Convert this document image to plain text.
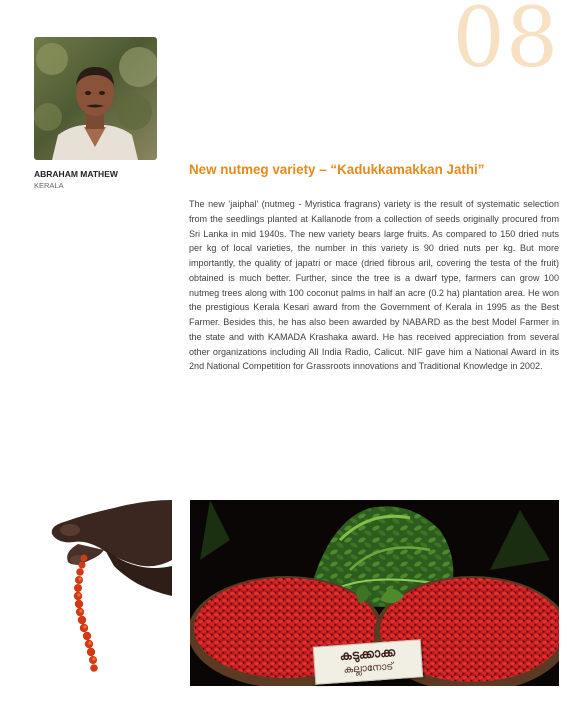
08
ABRAHAM MATHEW
KERALA
New nutmeg variety – “Kadukkamakkan Jathi”

The new ‘jaiphal’ (nutmeg - Myristica fragrans) variety is the result of systematic selection from the seedlings planted at Kallanode from a collection of seeds originally procured from Sri Lanka in mid 1940s. The new variety bears large fruits. As compared to 150 dried nuts per kg of local varieties, the number in this variety is 90 dried nuts per kg. But more importantly, the quality of japatri or mace (dried fibrous aril, covering the testa of the fruit) obtained is much better. Further, since the tree is a dwarf type, farmers can grow 100 nutmeg trees along with 100 coconut palms in half an acre (0.2 ha) plantation area. He won the prestigious Kerala Kesari award from the Government of Kerala in 1995 as the Best Farmer. Besides this, he has also been awarded by NABARD as the best Model Farmer in the state and with KAMADA Krashaka award. He has received appreciation from several other organizations including All India Radio, Calicut. NIF gave him a National Award in its 2nd National Competition for Grassroots innovations and Traditional Knowledge in 2002.

കടുക്കാക്ക
കല്ലാനോട്
